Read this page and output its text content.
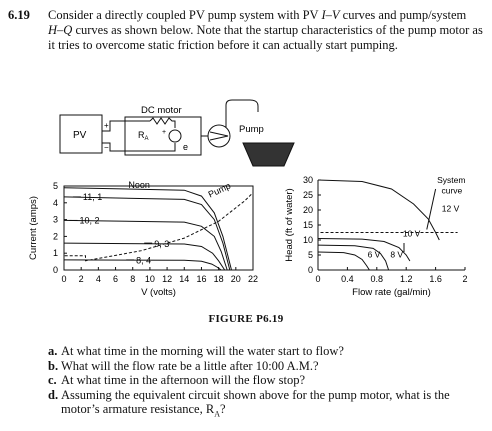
6.19 Consider a directly coupled PV pump system with PV I–V curves and pump/system H–Q curves as shown below. Note that the startup characteristics of the pump motor as it tries to overcome static friction before it can actually start pumping.
PV
+
−
DC motor
$R_A$
+
e
Pump
0 2 4 6 8 10 12 14 16 18 20 22
0
1
2
3
4
5	Noon
11, 1
10, 2
9, 3
8, 4
Pump
V (volts)
Current (amps)
0 0.4 0.8 1.2 1.6 2
0
5
10
15
20
25
30	System
curve
12 V
10 V
8 V
6 V
Flow rate (gal/min)
Head (ft of water)
FIGURE P6.19
a. At what time in the morning will the water start to flow?
b. What will the flow rate be a little after 10:00 A.M.?
c. At what time in the afternoon will the flow stop?
d. Assuming the equivalent circuit shown above for the pump motor, what is the motor’s armature resistance, $R_A$?
